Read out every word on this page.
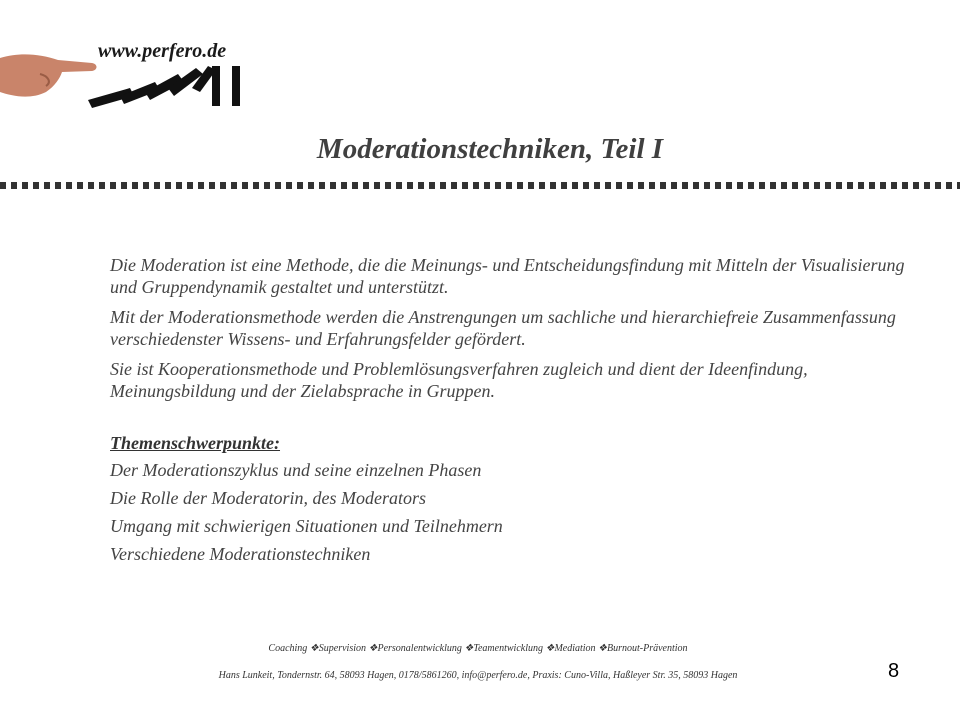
www.perfero.de
Moderationstechniken, Teil I

Die Moderation ist eine Methode, die die Meinungs- und Entscheidungsfindung mit Mitteln der Visualisierung und Gruppendynamik gestaltet und unterstützt.

Mit der Moderationsmethode werden die Anstrengungen um sachliche und hierarchiefreie Zusammenfassung verschiedenster Wissens- und Erfahrungsfelder gefördert.

Sie ist Kooperationsmethode und Problemlösungsverfahren zugleich und dient der Ideenfindung, Meinungsbildung und der Zielabsprache in Gruppen.

Themenschwerpunkte:
Der Moderationszyklus und seine einzelnen Phasen
Die Rolle der Moderatorin, des Moderators
Umgang mit schwierigen Situationen und Teilnehmern
Verschiedene Moderationstechniken
Coaching ❖Supervision ❖Personalentwicklung ❖Teamentwicklung ❖Mediation ❖Burnout-Prävention
Hans Lunkeit, Tondernstr. 64, 58093 Hagen, 0178/5861260, info@perfero.de, Praxis: Cuno-Villa, Haßleyer Str. 35, 58093 Hagen	8
